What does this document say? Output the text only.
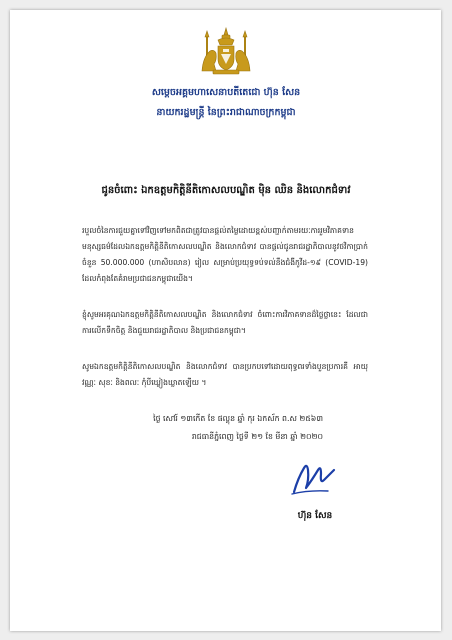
សម្ដេចអគ្គមហាសេនាបតីតេជោ ហ៊ុន សែន
នាយករដ្ឋមន្ត្រី នៃព្រះរាជាណាចក្រកម្ពុជា
ជូនចំពោះ ឯកឧត្តមកិត្តិនីតិកោសលបណ្ឌិត ម៉ិន ឈិន និងលោកជំទាវ
របួលចំនៃការជួយគ្នាទៅវិញទៅមកពិតជាត្រូវបានផ្ដល់តម្លៃដោយខ្ពស់បញ្ជាក់តាមរយៈការរួមវិភាគទានមនុស្សធម៌ដែលឯកឧត្ដមកិត្តិនីតិកោសលបណ្ឌិត និងលោកជំទាវ បានផ្ដល់ជូនរាជរដ្ឋាភិបាលនូវថវិកាប្រាក់ចំនួន 50.000.000 (ហាសិបលាន) រៀល សម្រាប់ប្រយុទ្ធទប់ទល់នឹងជំងឺកូវីដ-១៩ (COVID-19) ដែលកំពុងតែគំរាមប្រជាជនកម្ពុជាយើង។
ខ្ញុំសូមអរគុណឯកឧត្ដមកិត្តិនីតិកោសលបណ្ឌិត និងលោកជំទាវ ចំពោះការវិភាគទានដ៏ថ្លៃថ្លានេះ ដែលជាការលើកទឹកចិត្ត និងជួយរាជរដ្ឋាភិបាល និងប្រជាជនកម្ពុជា។
សូមឯកឧត្ដមកិត្តិនីតិកោសលបណ្ឌិត និងលោកជំទាវ បានប្រកបទៅដោយពុទ្ធពរទាំងបួនប្រការគឺ អាយុ វណ្ណៈ សុខៈ និងពលៈ កុំបីឃ្លៀងឃ្លាតឡើយ ។
ថ្ងៃ សៅរ៍ ១៣កើត ខែ ផល្គុន ឆ្នាំ កុរ ឯកស័ក ព.ស ២៥៦៣
រាជធានីភ្នំពេញ ថ្ងៃទី ២១ ខែ មីនា ឆ្នាំ ២០២០
ហ៊ុន សែន
